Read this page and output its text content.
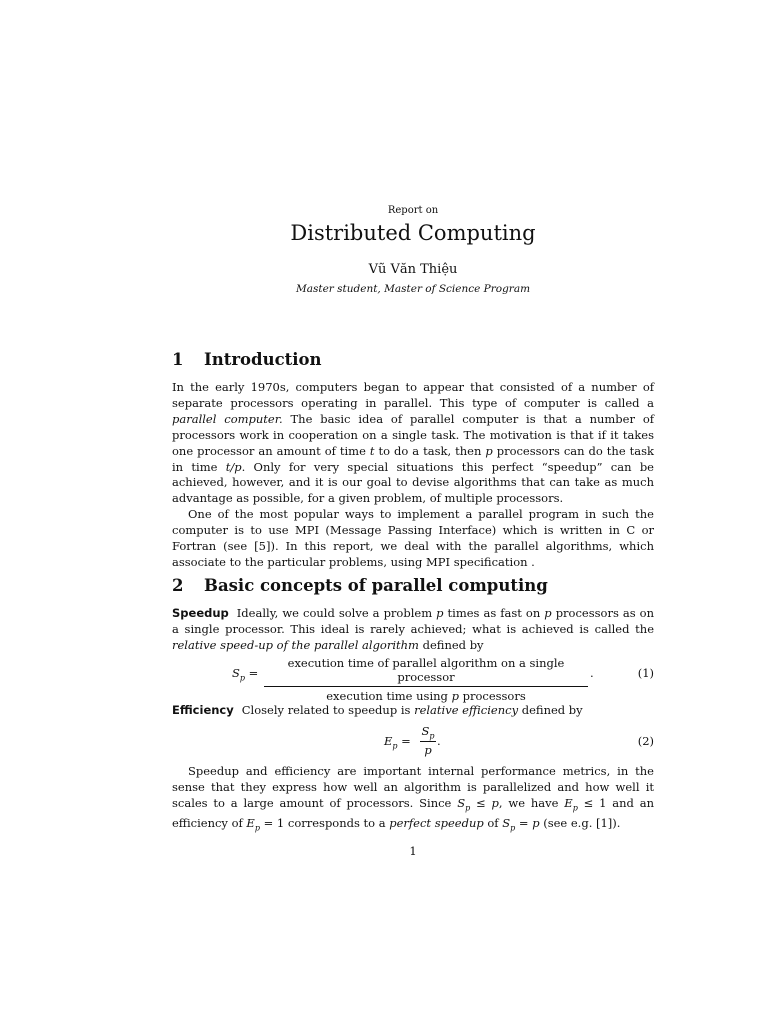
Report on
Distributed Computing
Vũ Văn Thiệu
Master student, Master of Science Program
1 Introduction

In the early 1970s, computers began to appear that consisted of a number of separate processors operating in parallel. This type of computer is called a parallel computer. The basic idea of parallel computer is that a number of processors work in cooperation on a single task. The motivation is that if it takes one processor an amount of time t to do a task, then p processors can do the task in time t/p. Only for very special situations this perfect “speedup” can be achieved, however, and it is our goal to devise algorithms that can take as much advantage as possible, for a given problem, of multiple processors.

One of the most popular ways to implement a parallel program in such the computer is to use MPI (Message Passing Interface) which is written in C or Fortran (see [5]). In this report, we deal with the parallel algorithms, which associate to the particular problems, using MPI specification .

2 Basic concepts of parallel computing

Speedup Ideally, we could solve a problem p times as fast on p processors as on a single processor. This ideal is rarely achieved; what is achieved is called the relative speed-up of the parallel algorithm defined by

$S_p$ =
execution time of parallel algorithm on a single processor
execution time using p processors
.	(1)

Efficiency Closely related to speedup is relative efficiency defined by

$E_p = \frac{S_p}{p}$ .	(2)

Speedup and efficiency are important internal performance metrics, in the sense that they express how well an algorithm is parallelized and how well it scales to a large amount of processors. Since $S_p \le p$, we have $E_p \le 1$ and an efficiency of $E_p = 1$ corresponds to a perfect speedup of $S_p = p$ (see e.g. [1]).

1
